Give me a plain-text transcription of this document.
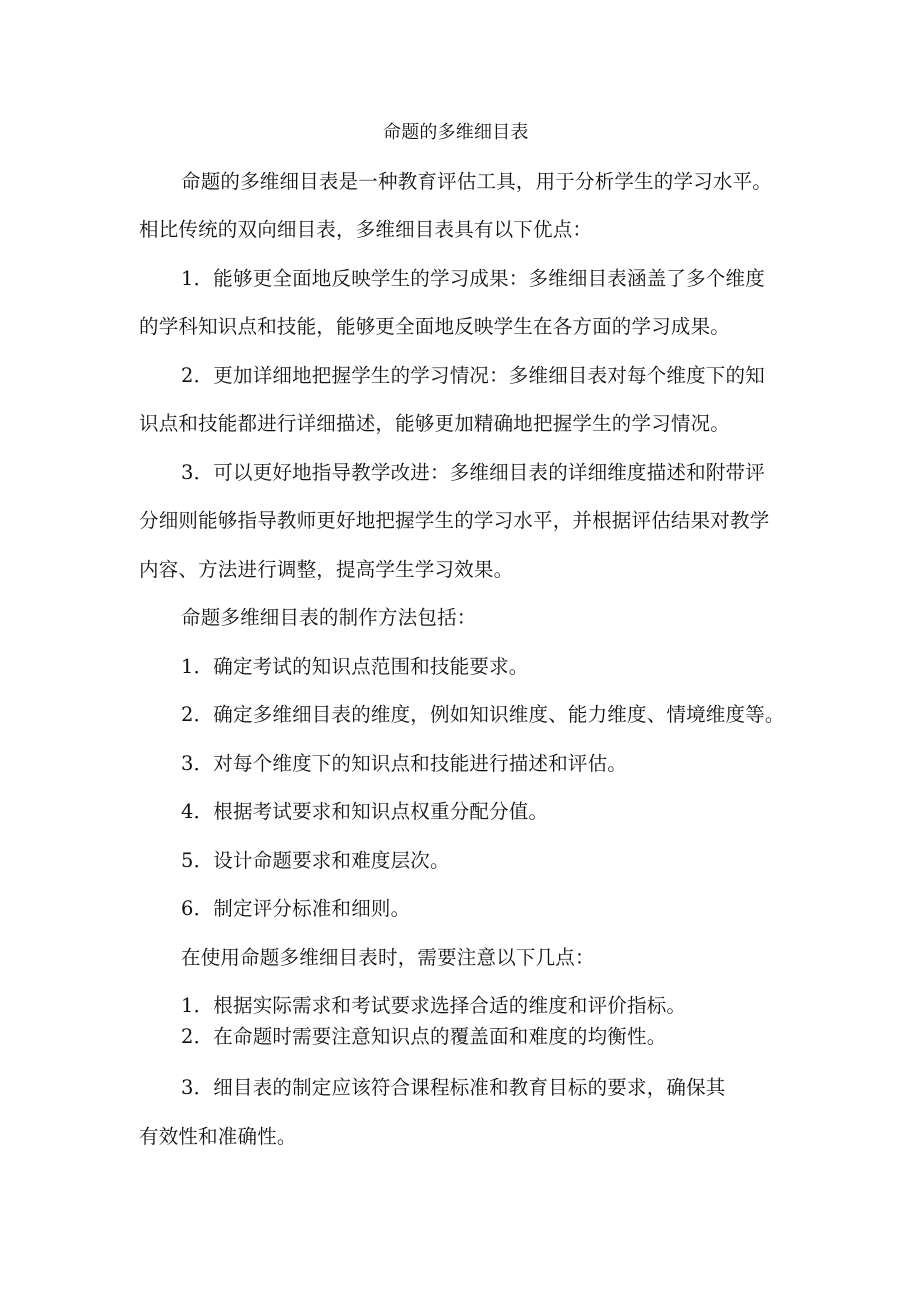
命题的多维细目表

命题的多维细目表是一种教育评估工具，用于分析学生的学习水平。

相比传统的双向细目表，多维细目表具有以下优点：

1．能够更全面地反映学生的学习成果：多维细目表涵盖了多个维度

的学科知识点和技能，能够更全面地反映学生在各方面的学习成果。

2．更加详细地把握学生的学习情况：多维细目表对每个维度下的知

识点和技能都进行详细描述，能够更加精确地把握学生的学习情况。

3．可以更好地指导教学改进：多维细目表的详细维度描述和附带评

分细则能够指导教师更好地把握学生的学习水平，并根据评估结果对教学

内容、方法进行调整，提高学生学习效果。

命题多维细目表的制作方法包括：

1．确定考试的知识点范围和技能要求。

2．确定多维细目表的维度，例如知识维度、能力维度、情境维度等。

3．对每个维度下的知识点和技能进行描述和评估。

4．根据考试要求和知识点权重分配分值。

5．设计命题要求和难度层次。

6．制定评分标准和细则。

在使用命题多维细目表时，需要注意以下几点：

1．根据实际需求和考试要求选择合适的维度和评价指标。

2．在命题时需要注意知识点的覆盖面和难度的均衡性。

3．细目表的制定应该符合课程标准和教育目标的要求，确保其

有效性和准确性。
